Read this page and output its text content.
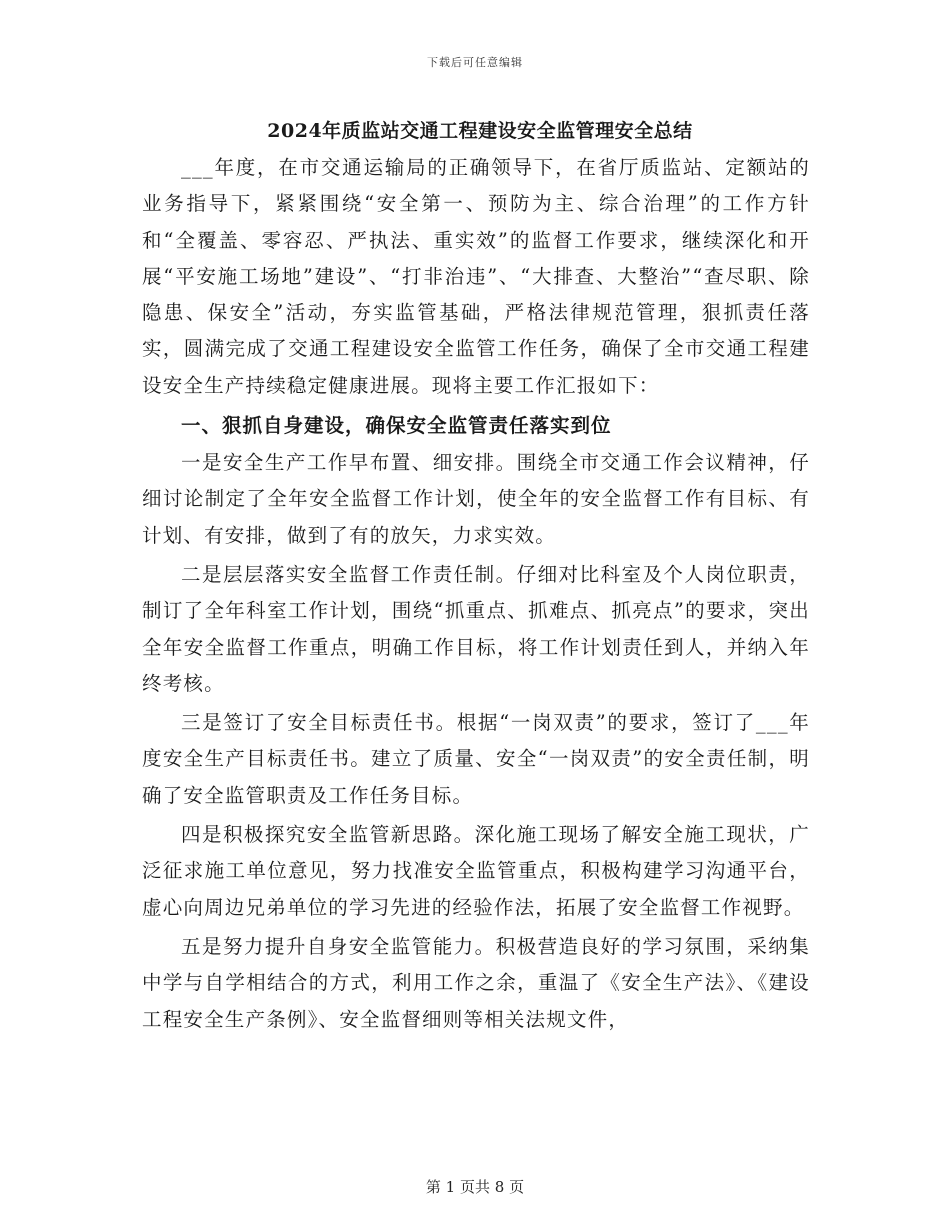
下载后可任意编辑
2024年质监站交通工程建设安全监管理安全总结

___年度，在市交通运输局的正确领导下，在省厅质监站、定额站的业务指导下，紧紧围绕“安全第一、预防为主、综合治理”的工作方针和“全覆盖、零容忍、严执法、重实效”的监督工作要求，继续深化和开展“平安施工场地”建设”、“打非治违”、“大排查、大整治”“查尽职、除隐患、保安全”活动，夯实监管基础，严格法律规范管理，狠抓责任落实，圆满完成了交通工程建设安全监管工作任务，确保了全市交通工程建设安全生产持续稳定健康进展。现将主要工作汇报如下：

一、狠抓自身建设，确保安全监管责任落实到位

一是安全生产工作早布置、细安排。围绕全市交通工作会议精神，仔细讨论制定了全年安全监督工作计划，使全年的安全监督工作有目标、有计划、有安排，做到了有的放矢，力求实效。

二是层层落实安全监督工作责任制。仔细对比科室及个人岗位职责，制订了全年科室工作计划，围绕“抓重点、抓难点、抓亮点”的要求，突出全年安全监督工作重点，明确工作目标，将工作计划责任到人，并纳入年终考核。

三是签订了安全目标责任书。根据“一岗双责”的要求，签订了___年度安全生产目标责任书。建立了质量、安全“一岗双责”的安全责任制，明确了安全监管职责及工作任务目标。

四是积极探究安全监管新思路。深化施工现场了解安全施工现状，广泛征求施工单位意见，努力找准安全监管重点，积极构建学习沟通平台，虚心向周边兄弟单位的学习先进的经验作法，拓展了安全监督工作视野。

五是努力提升自身安全监管能力。积极营造良好的学习氛围，采纳集中学与自学相结合的方式，利用工作之余，重温了《安全生产法》、《建设工程安全生产条例》、安全监督细则等相关法规文件，

第 1 页共 8 页
